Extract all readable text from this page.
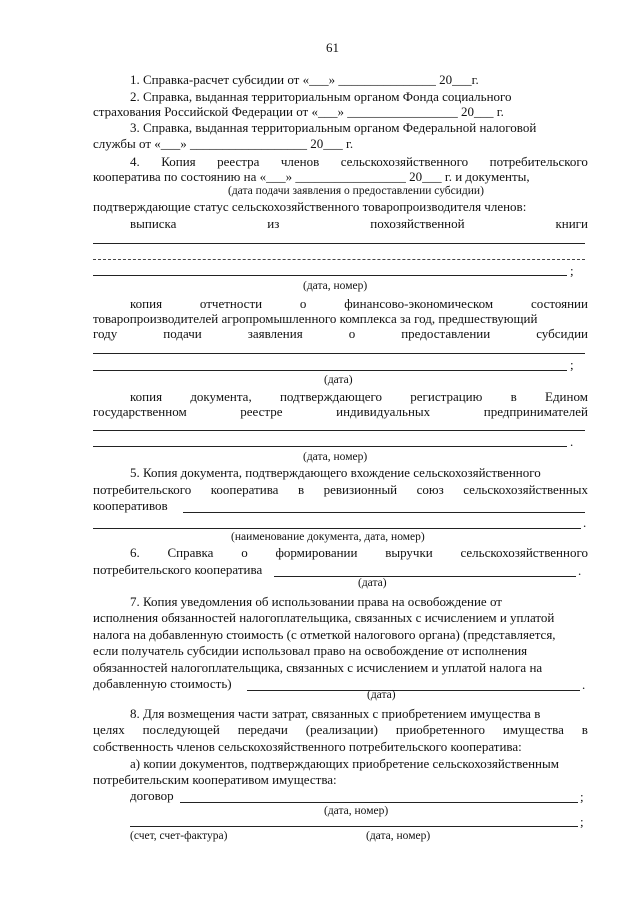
61
1. Справка-расчет субсидии от «___» _______________ 20___г.
2. Справка, выданная территориальным органом Фонда социального
страхования Российской Федерации от «___» _________________ 20___ г.
3. Справка, выданная территориальным органом Федеральной налоговой
службы от «___» __________________ 20___ г.
4. Копия реестра членов сельскохозяйственного потребительского
кооператива по состоянию на «___» _________________ 20___ г. и документы,
(дата подачи заявления о предоставлении субсидии)
подтверждающие статус сельскохозяйственного товаропроизводителя членов:
выписка	из	похозяйственной	книги
;
(дата, номер)
копия	отчетности	о	финансово-экономическом	состоянии
товаропроизводителей агропромышленного комплекса за год, предшествующий
году	подачи	заявления	о	предоставлении	субсидии
;
(дата)
копия документа, подтверждающего регистрацию в Едином
государственном	реестре	индивидуальных	предпринимателей
.
(дата, номер)
5. Копия документа, подтверждающего вхождение сельскохозяйственного
потребительского кооператива в ревизионный союз сельскохозяйственных
кооперативов
.
(наименование документа, дата, номер)
6. Справка о формировании выручки сельскохозяйственного
потребительского кооператива	.
(дата)
7. Копия уведомления об использовании права на освобождение от
исполнения обязанностей налогоплательщика, связанных с исчислением и уплатой
налога на добавленную стоимость (с отметкой налогового органа) (представляется,
если получатель субсидии использовал право на освобождение от исполнения
обязанностей налогоплательщика, связанных с исчислением и уплатой налога на
добавленную стоимость)	.
(дата)
8. Для возмещения части затрат, связанных с приобретением имущества в
целях последующей передачи (реализации) приобретенного имущества в
собственность членов сельскохозяйственного потребительского кооператива:
а) копии документов, подтверждающих приобретение сельскохозяйственным
потребительским кооперативом имущества:
договор	;
(дата, номер)
;
(счет, счет-фактура)	(дата, номер)
